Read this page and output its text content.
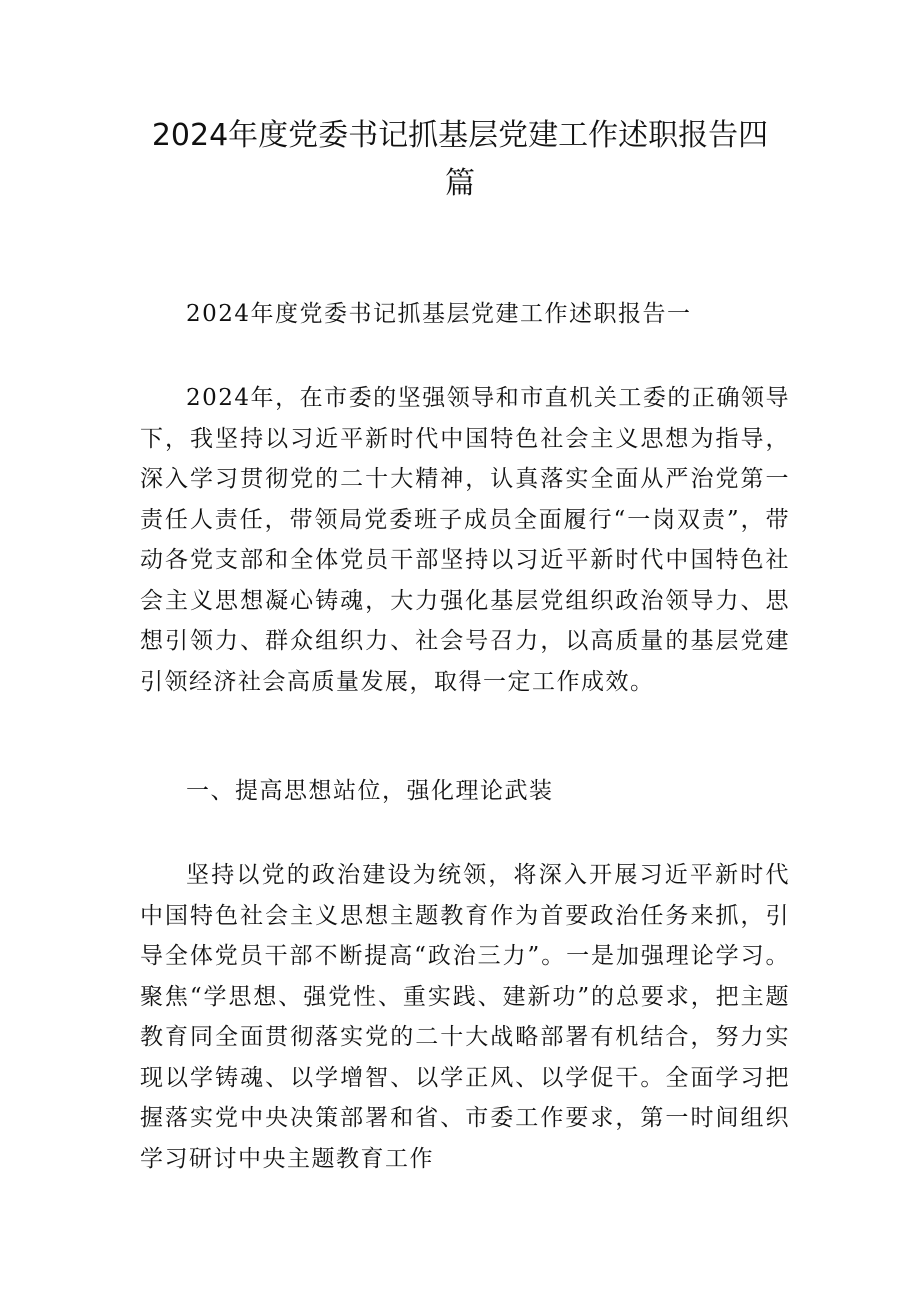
2024年度党委书记抓基层党建工作述职报告四篇

2024年度党委书记抓基层党建工作述职报告一

2024年，在市委的坚强领导和市直机关工委的正确领导下，我坚持以习近平新时代中国特色社会主义思想为指导，深入学习贯彻党的二十大精神，认真落实全面从严治党第一责任人责任，带领局党委班子成员全面履行“一岗双责”，带动各党支部和全体党员干部坚持以习近平新时代中国特色社会主义思想凝心铸魂，大力强化基层党组织政治领导力、思想引领力、群众组织力、社会号召力，以高质量的基层党建引领经济社会高质量发展，取得一定工作成效。

一、提高思想站位，强化理论武装

坚持以党的政治建设为统领，将深入开展习近平新时代中国特色社会主义思想主题教育作为首要政治任务来抓，引导全体党员干部不断提高“政治三力”。一是加强理论学习。聚焦“学思想、强党性、重实践、建新功”的总要求，把主题教育同全面贯彻落实党的二十大战略部署有机结合，努力实现以学铸魂、以学增智、以学正风、以学促干。全面学习把握落实党中央决策部署和省、市委工作要求，第一时间组织学习研讨中央主题教育工作
